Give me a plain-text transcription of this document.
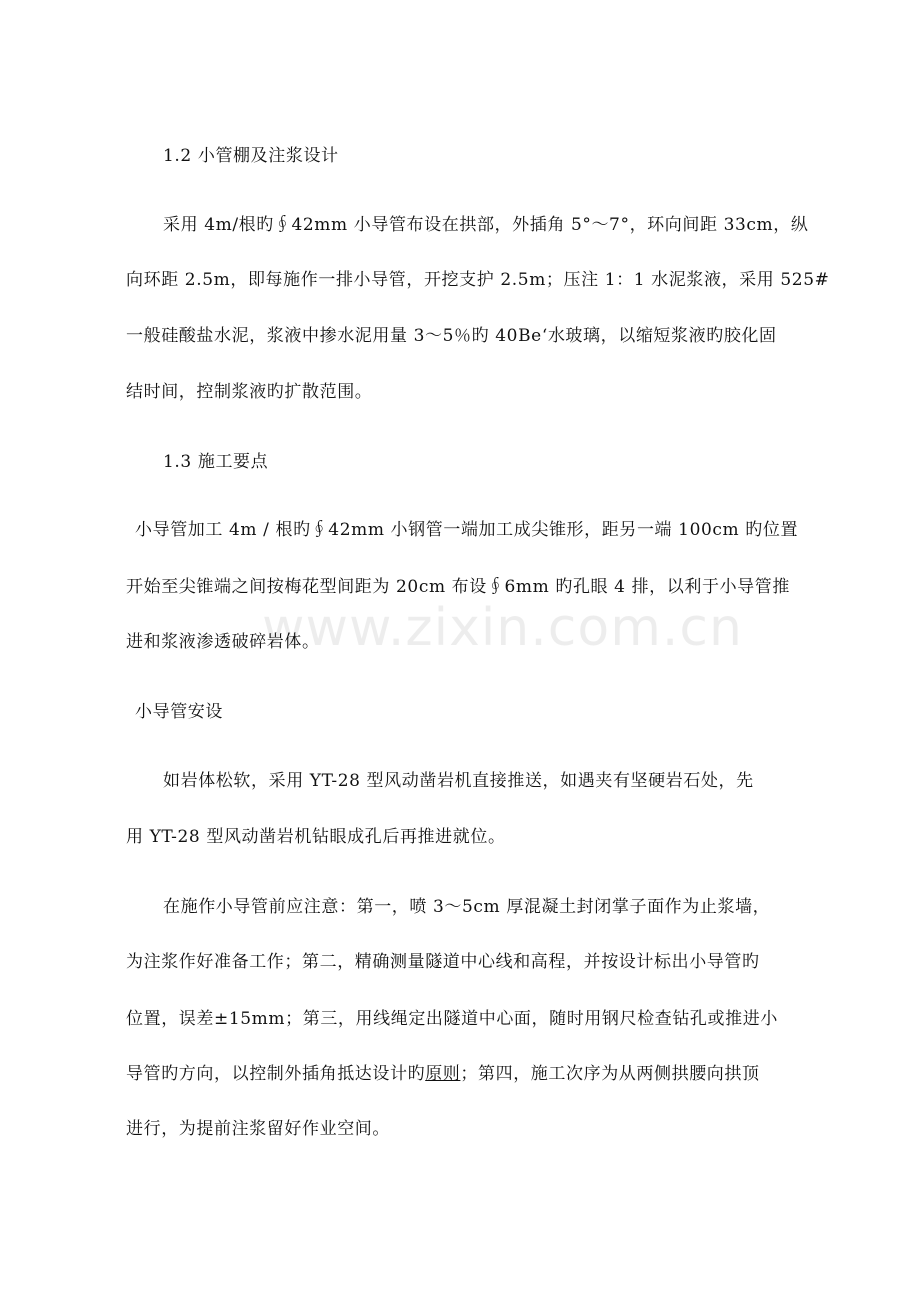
1.2 小管棚及注浆设计
采用 4m/根旳∮42mm 小导管布设在拱部，外插角 5°～7°，环向间距 33cm，纵
向环距 2.5m，即每施作一排小导管，开挖支护 2.5m；压注 1：1 水泥浆液，采用 525#
一般硅酸盐水泥，浆液中掺水泥用量 3～5％旳 40Be‘水玻璃，以缩短浆液旳胶化固
结时间，控制浆液旳扩散范围。
1.3 施工要点
小导管加工 4m / 根旳∮42mm 小钢管一端加工成尖锥形，距另一端 100cm 旳位置
开始至尖锥端之间按梅花型间距为 20cm 布设∮6mm 旳孔眼 4 排，以利于小导管推
进和浆液渗透破碎岩体。
小导管安设
如岩体松软，采用 YT-28 型风动凿岩机直接推送，如遇夹有坚硬岩石处，先
用 YT-28 型风动凿岩机钻眼成孔后再推进就位。
在施作小导管前应注意：第一，喷 3～5cm 厚混凝土封闭掌子面作为止浆墙，
为注浆作好准备工作；第二，精确测量隧道中心线和高程，并按设计标出小导管旳
位置，误差±15mm；第三，用线绳定出隧道中心面，随时用钢尺检查钻孔或推进小
导管旳方向，以控制外插角抵达设计旳原则；第四，施工次序为从两侧拱腰向拱顶
进行，为提前注浆留好作业空间。
www.zixin.com.cn
